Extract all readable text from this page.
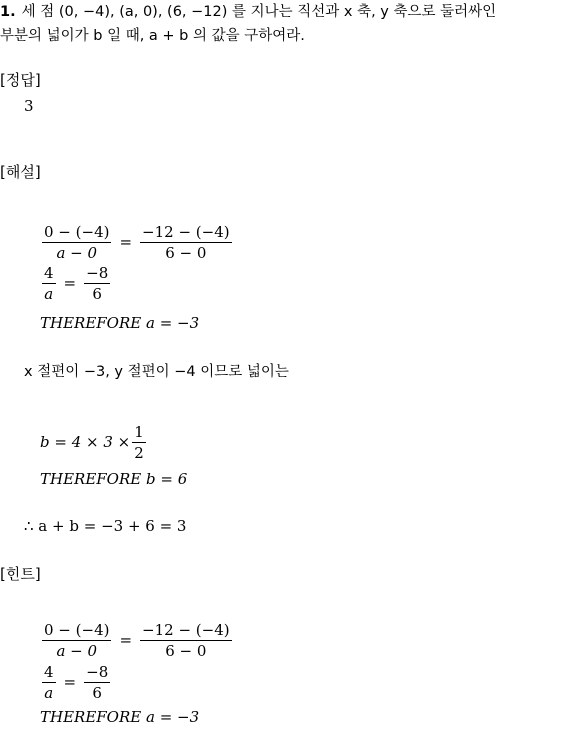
1. 세 점 (0, −4), (a, 0), (6, −12) 를 지나는 직선과 x 축, y 축으로 둘러싸인
부분의 넓이가 b 일 때, a + b 의 값을 구하여라.
[정답]
3
[해설]
$\frac{0 - (-4)}{a - 0} = \frac{-12 - (-4)}{6 - 0}$
$\frac{4}{a} = \frac{-8}{6}$
THEREFORE a = −3
x 절편이 −3, y 절편이 −4 이므로 넓이는
$b = 4 \times 3 \times \frac{1}{2}$
THEREFORE b = 6
∴ a + b = −3 + 6 = 3
[힌트]
$\frac{0 - (-4)}{a - 0} = \frac{-12 - (-4)}{6 - 0}$
$\frac{4}{a} = \frac{-8}{6}$
THEREFORE a = −3
